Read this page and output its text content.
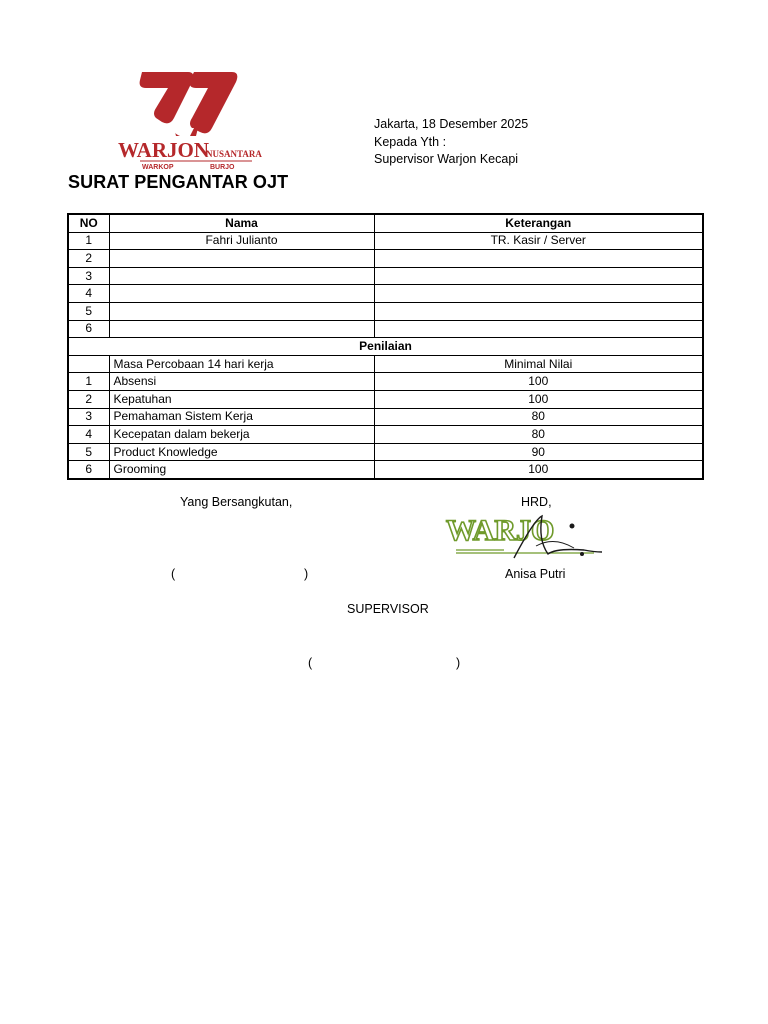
WARJON
NUSANTARA
WARKOP	BURJO
SURAT PENGANTAR OJT
Jakarta, 18 Desember 2025
Kepada Yth :
Supervisor Warjon Kecapi
NO	Nama	Keterangan
1	Fahri Julianto	TR. Kasir / Server
2		
3		
4		
5		
6		
Penilaian		
	Masa Percobaan 14 hari kerja	Minimal Nilai
1	Absensi	100
2	Kepatuhan	100
3	Pemahaman Sistem Kerja	80
4	Kecepatan dalam bekerja	80
5	Product Knowledge	90
6	Grooming	100
Yang Bersangkutan,	HRD,
WARJO
(	)	Anisa Putri
SUPERVISOR
(	)
